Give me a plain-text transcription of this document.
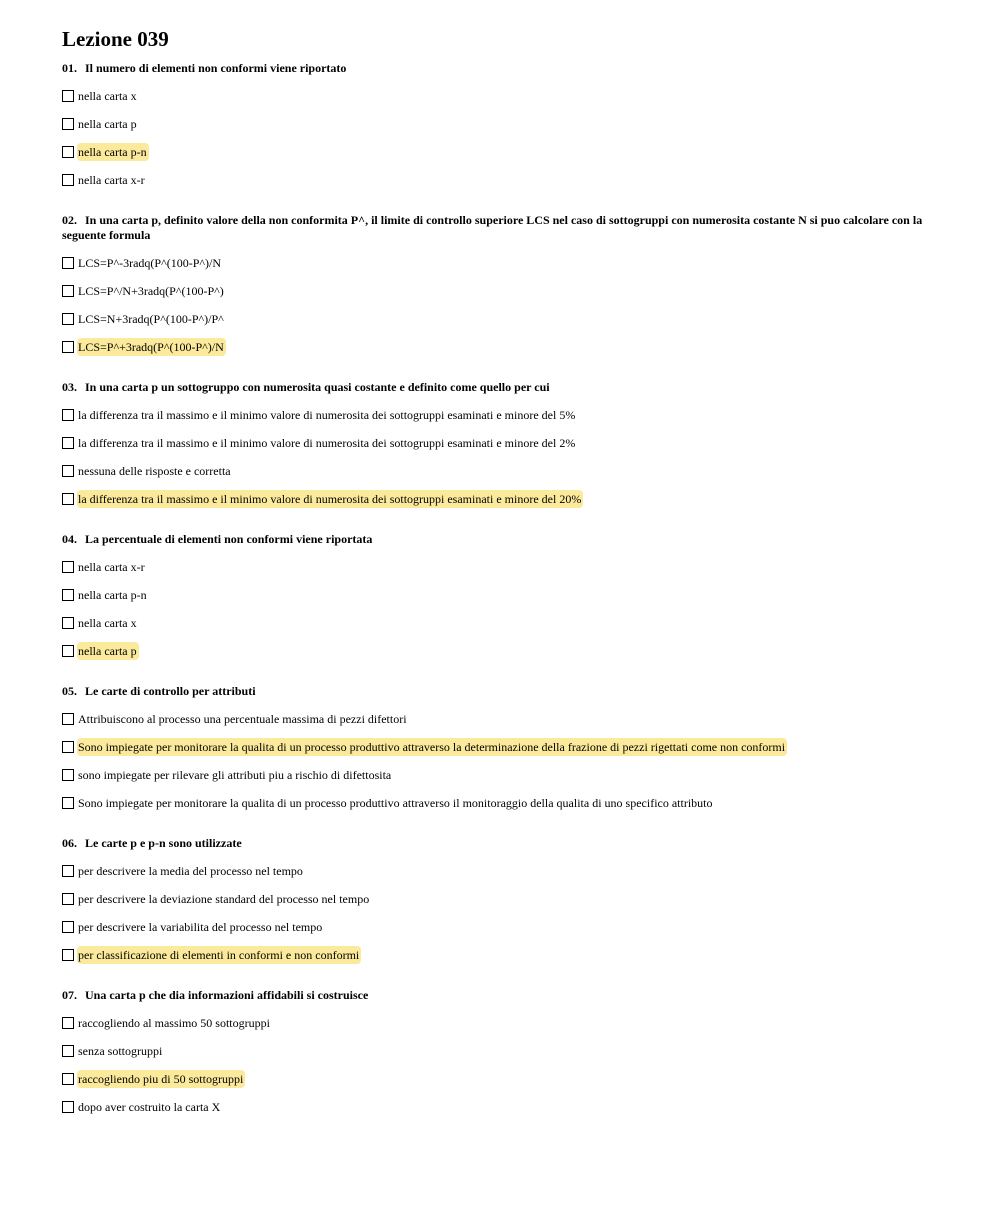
Lezione 039
01. Il numero di elementi non conformi viene riportato
nella carta x
nella carta p
nella carta p-n
nella carta x-r
02. In una carta p, definito valore della non conformita P^, il limite di controllo superiore LCS nel caso di sottogruppi con numerosita costante N si puo calcolare con la seguente formula
LCS=P^-3radq(P^(100-P^)/N
LCS=P^/N+3radq(P^(100-P^)
LCS=N+3radq(P^(100-P^)/P^
LCS=P^+3radq(P^(100-P^)/N
03. In una carta p un sottogruppo con numerosita quasi costante e definito come quello per cui
la differenza tra il massimo e il minimo valore di numerosita dei sottogruppi esaminati e minore del 5%
la differenza tra il massimo e il minimo valore di numerosita dei sottogruppi esaminati e minore del 2%
nessuna delle risposte e corretta
la differenza tra il massimo e il minimo valore di numerosita dei sottogruppi esaminati e minore del 20%
04. La percentuale di elementi non conformi viene riportata
nella carta x-r
nella carta p-n
nella carta x
nella carta p
05. Le carte di controllo per attributi
Attribuiscono al processo una percentuale massima di pezzi difettori
Sono impiegate per monitorare la qualita di un processo produttivo attraverso la determinazione della frazione di pezzi rigettati come non conformi
sono impiegate per rilevare gli attributi piu a rischio di difettosita
Sono impiegate per monitorare la qualita di un processo produttivo attraverso il monitoraggio della qualita di uno specifico attributo
06. Le carte p e p-n sono utilizzate
per descrivere la media del processo nel tempo
per descrivere la deviazione standard del processo nel tempo
per descrivere la variabilita del processo nel tempo
per classificazione di elementi in conformi e non conformi
07. Una carta p che dia informazioni affidabili si costruisce
raccogliendo al massimo 50 sottogruppi
senza sottogruppi
raccogliendo piu di 50 sottogruppi
dopo aver costruito la carta X
